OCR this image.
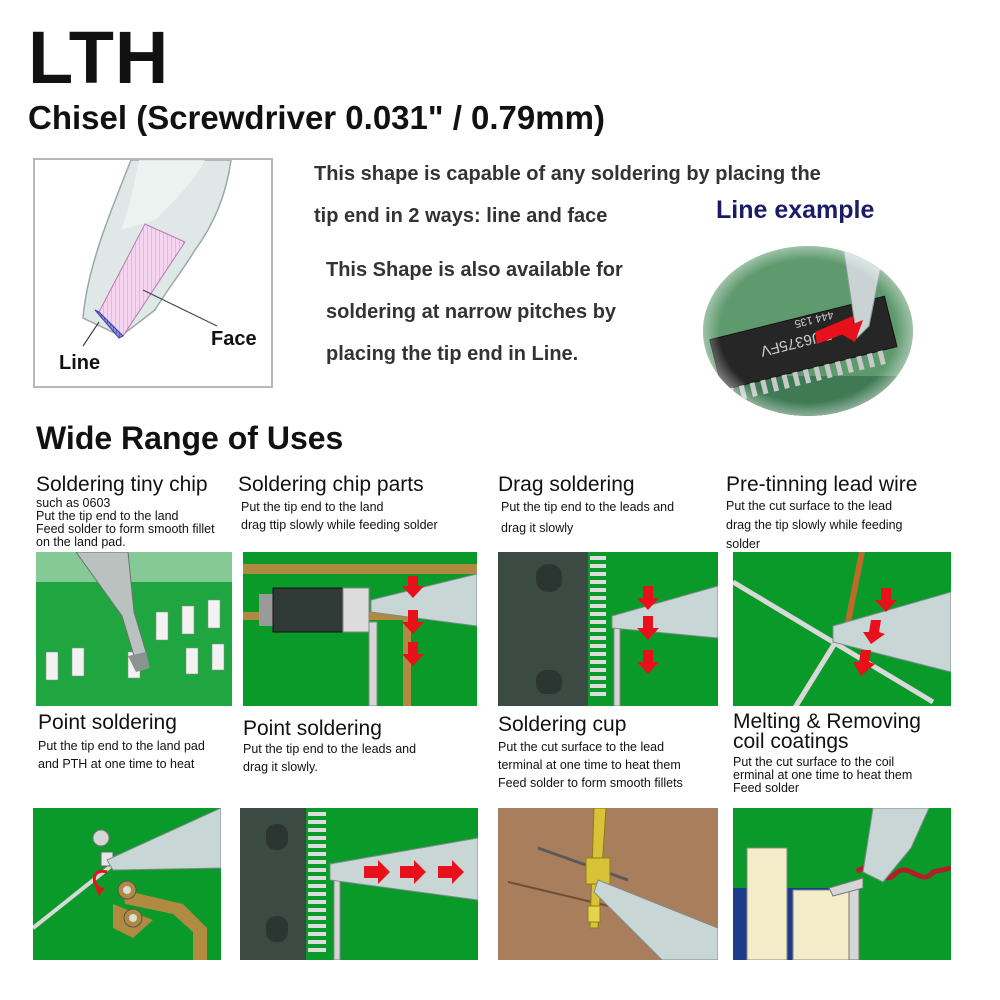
LTH
Chisel (Screwdriver 0.031" / 0.79mm)
Face
Line
This shape is capable of any soldering by placing the
tip end in 2 ways: line and face
This Shape is also available for
soldering at narrow pitches by
placing the tip end in Line.
Line example
Wide Range of Uses
Soldering tiny chip
such as 0603
Put the tip end to the land
Feed solder to form smooth fillet
on the land pad.
Soldering chip parts
Put the tip end to the land
drag ttip slowly while feeding solder
Drag soldering
Put the tip end to the leads and
drag it slowly
Pre-tinning lead wire
Put the cut surface to the lead
drag the tip slowly while feeding
solder
Point soldering
Put the tip end to the land pad
and PTH at one time to heat
Point soldering
Put the tip end to the leads and
drag it slowly.
Soldering cup
Put the cut surface to the lead
terminal at one time to heat them
Feed solder to form smooth fillets
Melting & Removing
coil coatings
Put the cut surface to the coil
erminal at one time to heat them
Feed solder
